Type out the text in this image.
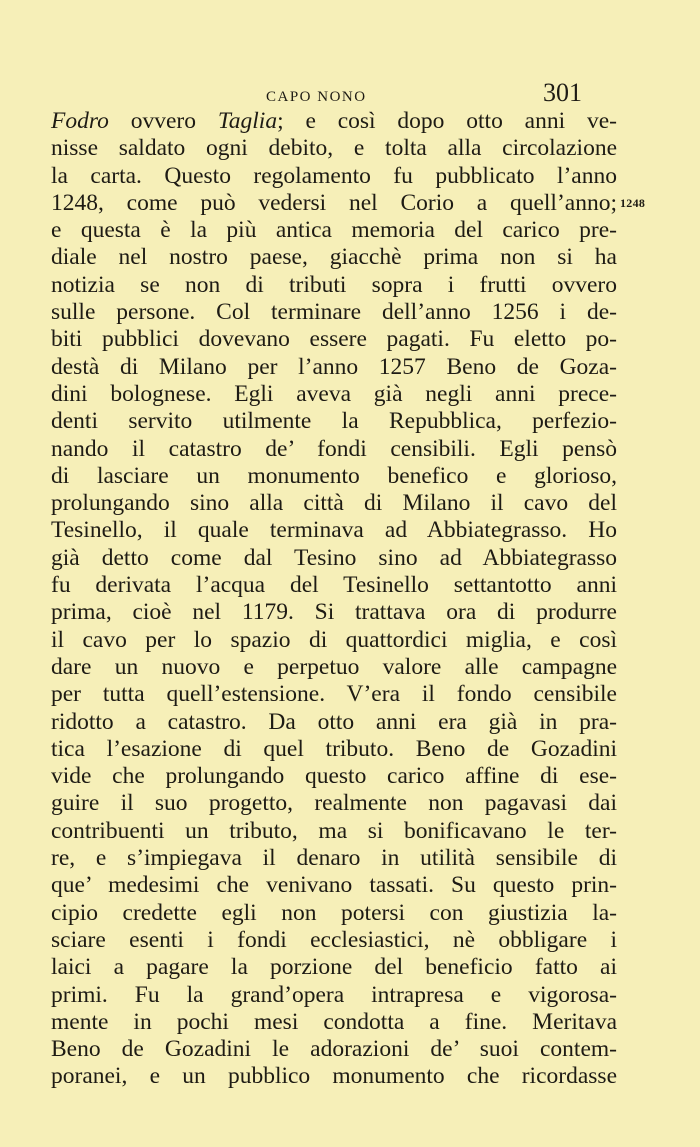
CAPO NONO	301
Fodro ovvero Taglia; e così dopo otto anni ve-
nisse saldato ogni debito, e tolta alla circolazione
la carta. Questo regolamento fu pubblicato l’anno
1248, come può vedersi nel Corio a quell’anno;
e questa è la più antica memoria del carico pre-
diale nel nostro paese, giacchè prima non si ha
notizia se non di tributi sopra i frutti ovvero
sulle persone. Col terminare dell’anno 1256 i de-
biti pubblici dovevano essere pagati. Fu eletto po-
destà di Milano per l’anno 1257 Beno de Goza-
dini bolognese. Egli aveva già negli anni prece-
denti servito utilmente la Repubblica, perfezio-
nando il catastro de’ fondi censibili. Egli pensò
di lasciare un monumento benefico e glorioso,
prolungando sino alla città di Milano il cavo del
Tesinello, il quale terminava ad Abbiategrasso. Ho
già detto come dal Tesino sino ad Abbiategrasso
fu derivata l’acqua del Tesinello settantotto anni
prima, cioè nel 1179. Si trattava ora di produrre
il cavo per lo spazio di quattordici miglia, e così
dare un nuovo e perpetuo valore alle campagne
per tutta quell’estensione. V’era il fondo censibile
ridotto a catastro. Da otto anni era già in pra-
tica l’esazione di quel tributo. Beno de Gozadini
vide che prolungando questo carico affine di ese-
guire il suo progetto, realmente non pagavasi dai
contribuenti un tributo, ma si bonificavano le ter-
re, e s’impiegava il denaro in utilità sensibile di
que’ medesimi che venivano tassati. Su questo prin-
cipio credette egli non potersi con giustizia la-
sciare esenti i fondi ecclesiastici, nè obbligare i
laici a pagare la porzione del beneficio fatto ai
primi. Fu la grand’opera intrapresa e vigorosa-
mente in pochi mesi condotta a fine. Meritava
Beno de Gozadini le adorazioni de’ suoi contem-
poranei, e un pubblico monumento che ricordasse
1248
